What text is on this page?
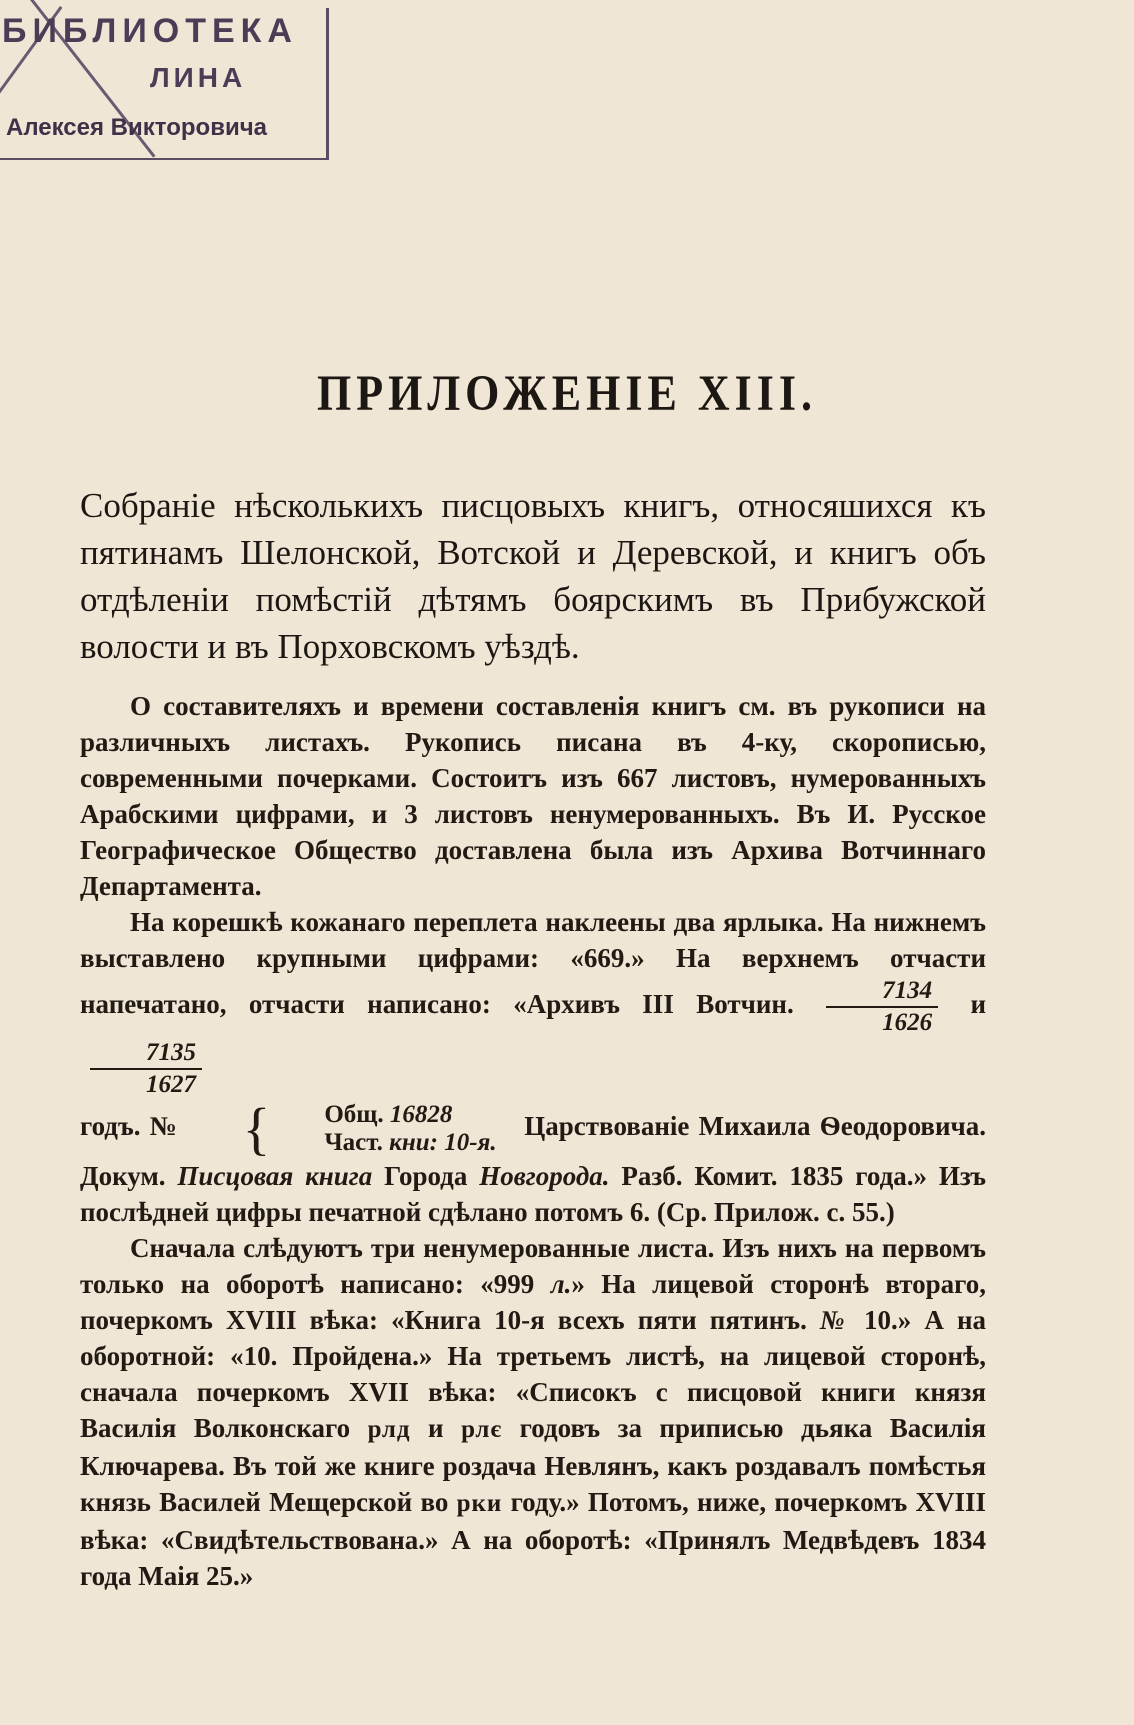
БИБЛИОТЕКА
ЛИНА
Алексея Викторовича
ПРИЛОЖЕНІЕ XIII.
Собраніе нѣсколькихъ писцовыхъ книгъ, относяшихся къ пятинамъ Шелонской, Вотской и Деревской, и книгъ объ отдѣленіи помѣстій дѣтямъ боярскимъ въ Прибужской волости и въ Порховскомъ уѣздѣ.

О составителяхъ и времени составленія книгъ см. въ рукописи на различныхъ листахъ. Рукопись писана въ 4-ку, скорописью, современными почерками. Состоитъ изъ 667 листовъ, нумерованныхъ Арабскими цифрами, и 3 листовъ ненумерованныхъ. Въ И. Русское Географическое Общество доставлена была изъ Архива Вотчиннаго Департамента.

На корешкѣ кожанаго переплета наклеены два ярлыка. На нижнемъ выставлено крупными цифрами: «669.» На верхнемъ отчасти напечатано, отчасти написано: «Архивъ III Вотчин. $\frac{7134}{1626}$ и
$\frac{7135}{1627}$

годъ. №	{	Общ. 16828
Част. кни: 10-я.
Царствованіе Михаила Ѳеодоровича. Докум. Писцовая книга Города Новгорода. Разб. Комит. 1835 года.» Изъ послѣдней цифры печатной сдѣлано потомъ 6. (Ср. Прилож. с. 55.)

Сначала слѣдуютъ три ненумерованные листа. Изъ нихъ на первомъ только на оборотѣ написано: «999 л.» На лицевой сторонѣ втораго, почеркомъ XVIII вѣка: «Книга 10-я всехъ пяти пятинъ. № 10.» А на оборотной: «10. Пройдена.» На третьемъ листѣ, на лицевой сторонѣ, сначала почеркомъ XVII вѣка: «Списокъ с писцовой книги князя Василія Волконскаго рлд и рлє годовъ за приписью дьяка Василія Ключарева. Въ той же книге роздача Невлянъ, какъ роздавалъ помѣстья князь Василей Мещерской во рки году.» Потомъ, ниже, почеркомъ XVIII вѣка: «Свидѣтельствована.» А на оборотѣ: «Принялъ Медвѣдевъ 1834 года Маія 25.»
